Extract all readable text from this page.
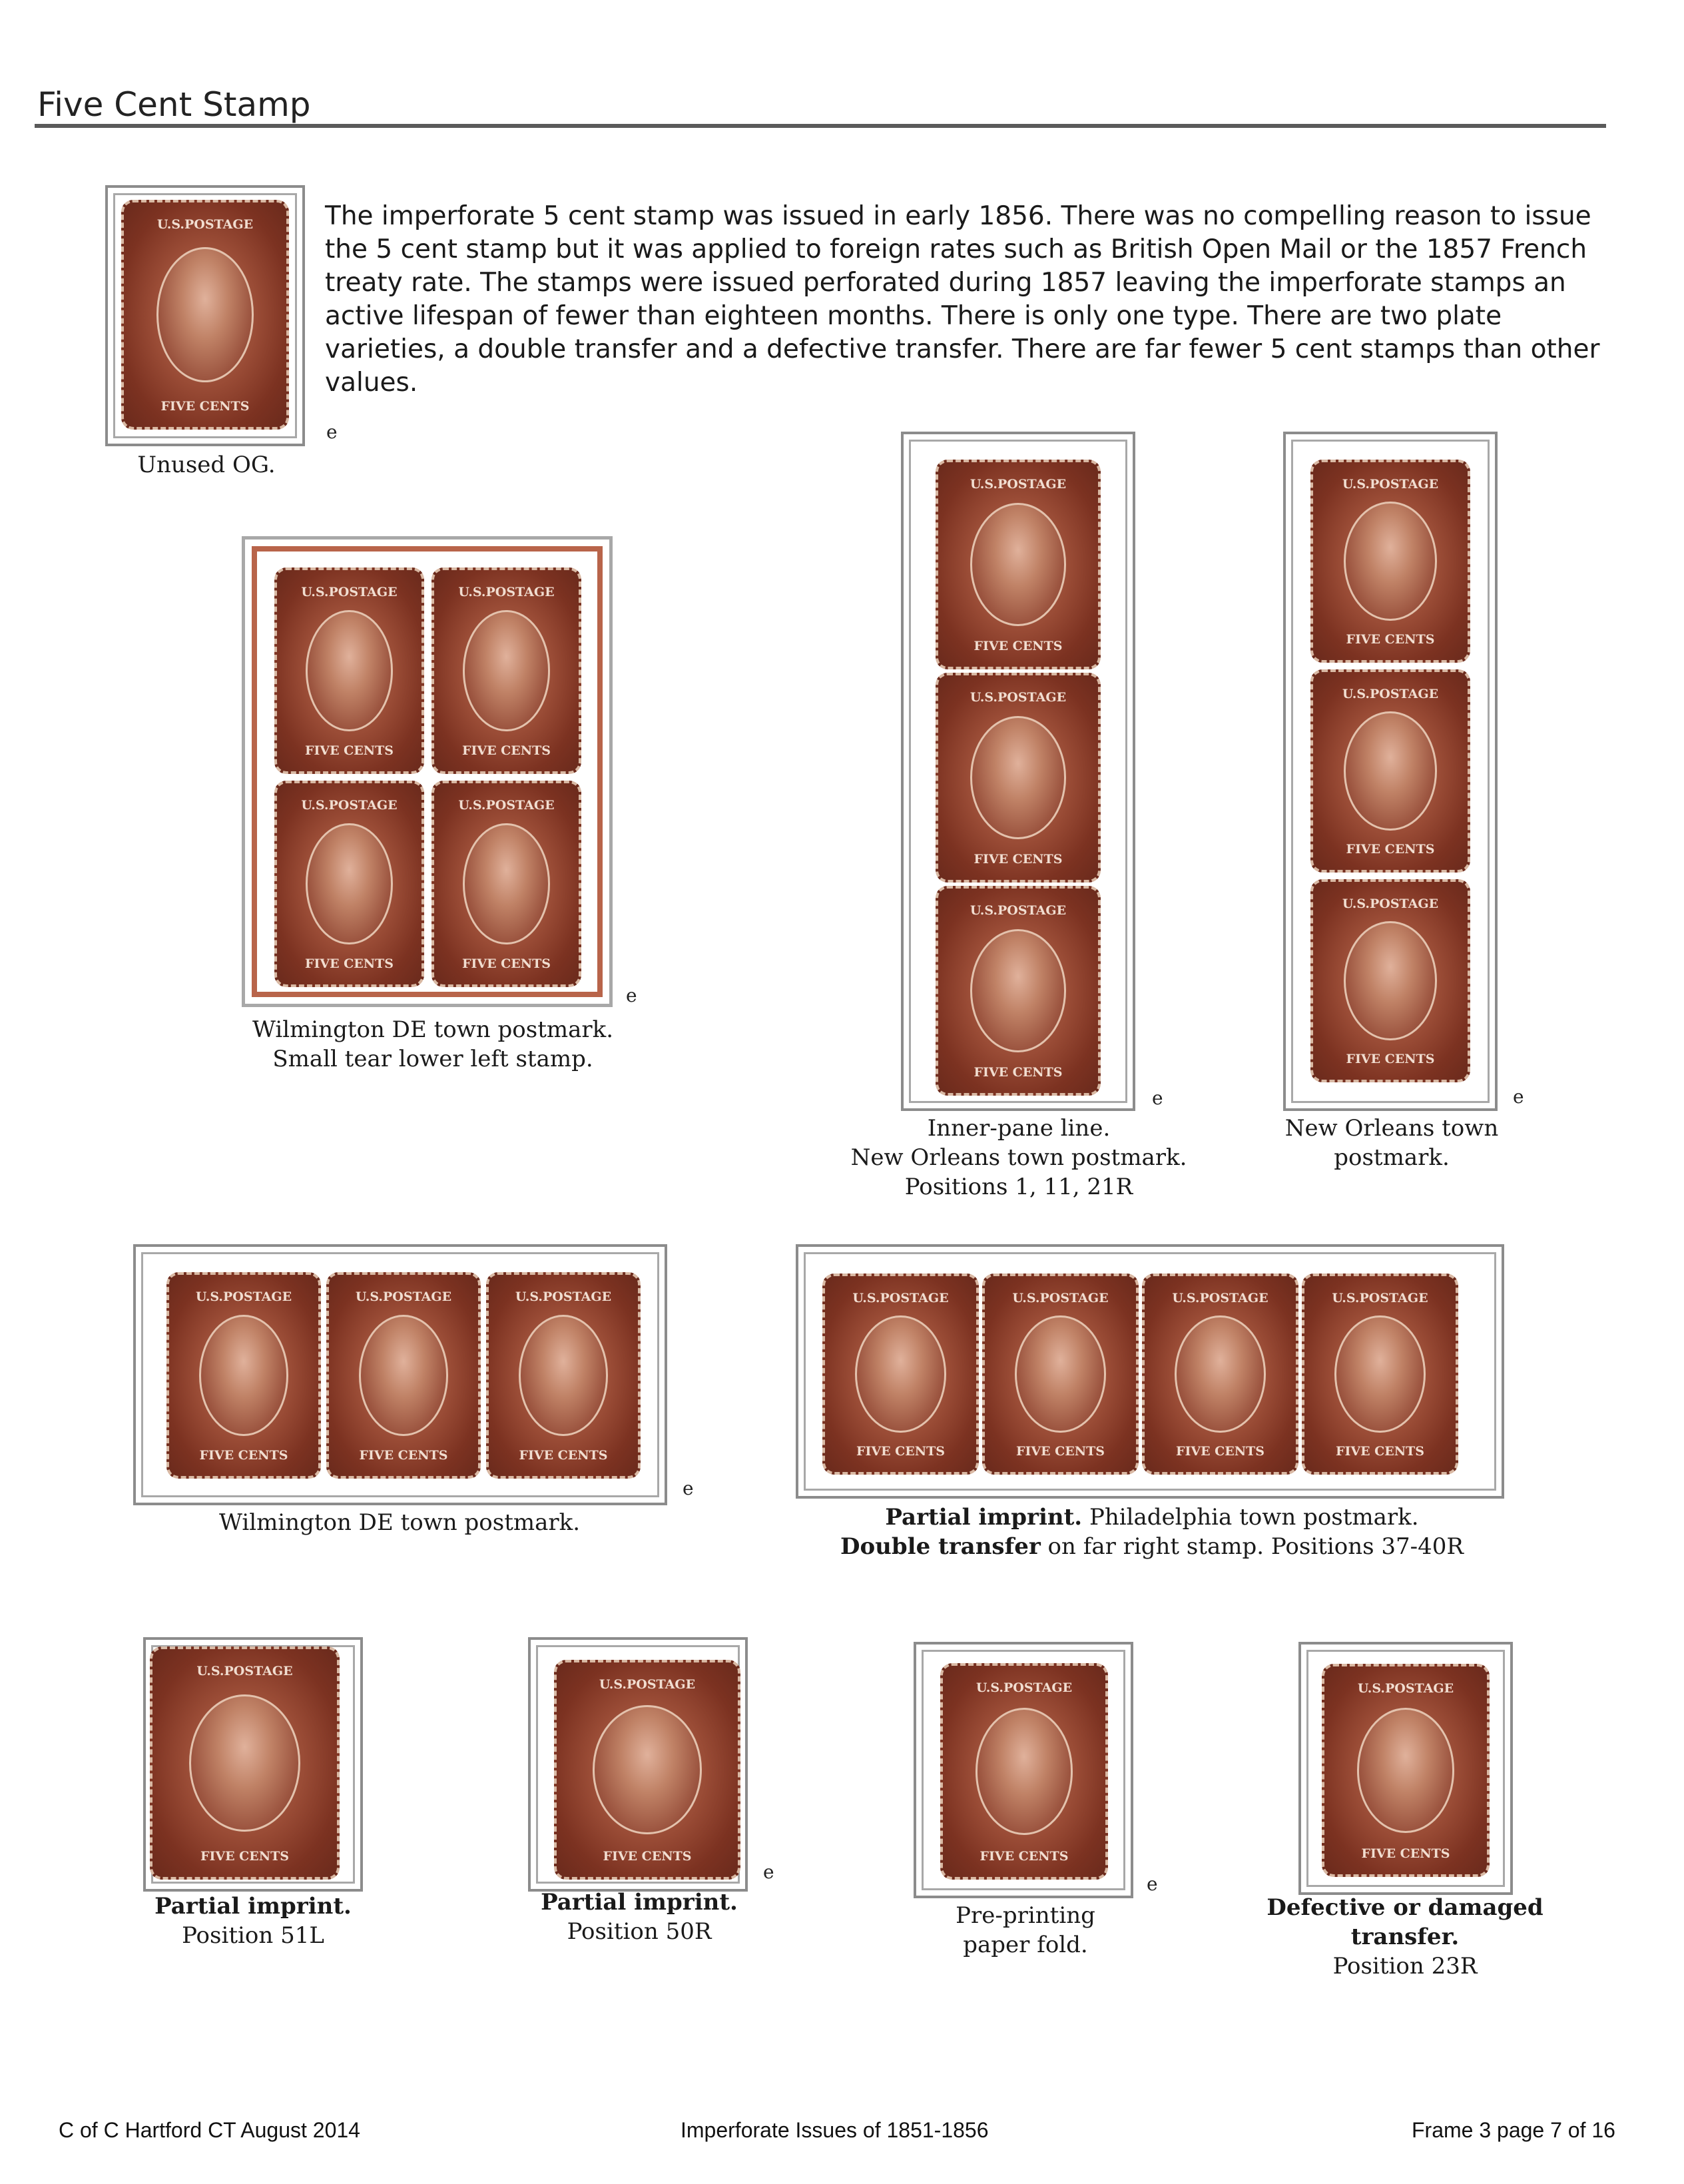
Five Cent Stamp
The imperforate 5 cent stamp was issued in early 1856. There was no compelling reason to issue the 5 cent stamp but it was applied to foreign rates such as British Open Mail or the 1857 French treaty rate. The stamps were issued perforated during 1857 leaving the imperforate stamps an active lifespan of fewer than eighteen months. There is only one type. There are two plate varieties, a double transfer and a defective transfer. There are far fewer 5 cent stamps than other values.
U.S.POSTAGE
FIVE CENTS
e
Unused OG.
U.S.POSTAGE
FIVE CENTS
U.S.POSTAGE
FIVE CENTS
U.S.POSTAGE
FIVE CENTS
U.S.POSTAGE
FIVE CENTS
e
Wilmington DE town postmark.
Small tear lower left stamp.
U.S.POSTAGE
FIVE CENTS
U.S.POSTAGE
FIVE CENTS
U.S.POSTAGE
FIVE CENTS
e
Inner-pane line.
New Orleans town postmark.
Positions 1, 11, 21R
U.S.POSTAGE
FIVE CENTS
U.S.POSTAGE
FIVE CENTS
U.S.POSTAGE
FIVE CENTS
e
New Orleans town
postmark.
U.S.POSTAGE
FIVE CENTS
U.S.POSTAGE
FIVE CENTS
U.S.POSTAGE
FIVE CENTS
e
Wilmington DE town postmark.
U.S.POSTAGE
FIVE CENTS
U.S.POSTAGE
FIVE CENTS
U.S.POSTAGE
FIVE CENTS
U.S.POSTAGE
FIVE CENTS
Partial imprint. Philadelphia town postmark.
Double transfer on far right stamp. Positions 37-40R
U.S.POSTAGE
FIVE CENTS
Partial imprint.
Position 51L
U.S.POSTAGE
FIVE CENTS
e
Partial imprint.
Position 50R
U.S.POSTAGE
FIVE CENTS
e
Pre-printing
paper fold.
U.S.POSTAGE
FIVE CENTS
Defective or damaged
transfer.
Position 23R
C of C Hartford CT August 2014	Imperforate Issues of 1851-1856	Frame 3 page 7 of 16
